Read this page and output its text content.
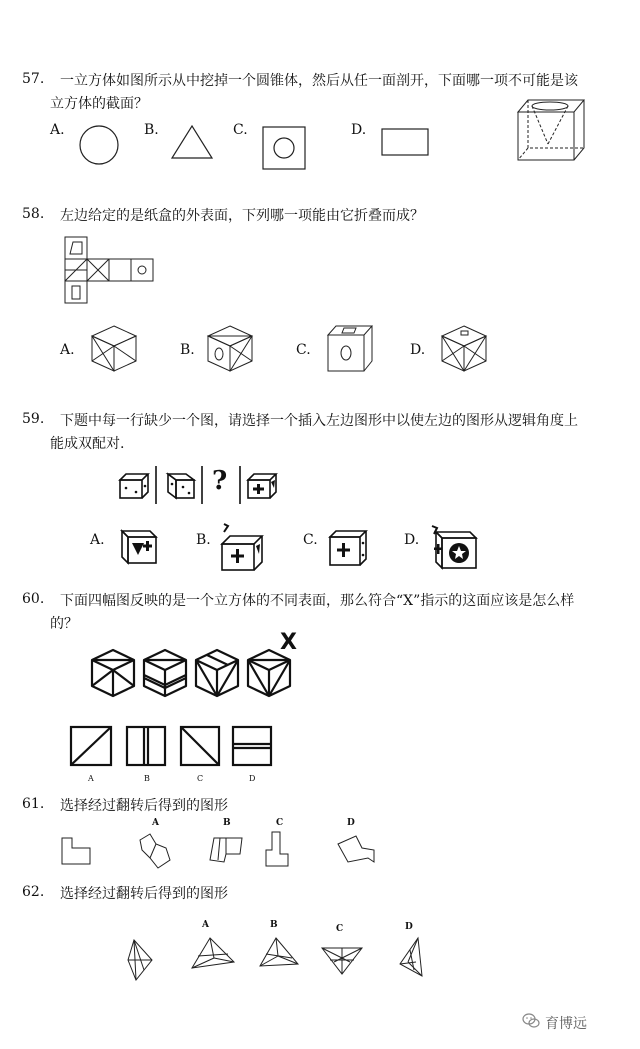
57. 一立方体如图所示从中挖掉一个圆锥体，然后从任一面剖开，下面哪一项不可能是该
立方体的截面？
A.	B.	C.	D.
58. 左边给定的是纸盒的外表面，下列哪一项能由它折叠而成？
A.	B.	C.	D.
59. 下题中每一行缺少一个图，请选择一个插入左边图形中以使左边的图形从逻辑角度上
能成双配对.
?
A.	B.	C.	D.
60. 下面四幅图反映的是一个立方体的不同表面，那么符合“X”指示的这面应该是怎么样
的？
X
A	B	C	D
61. 选择经过翻转后得到的图形
A	B	C	D
62. 选择经过翻转后得到的图形
A	B	C	D
育博远
